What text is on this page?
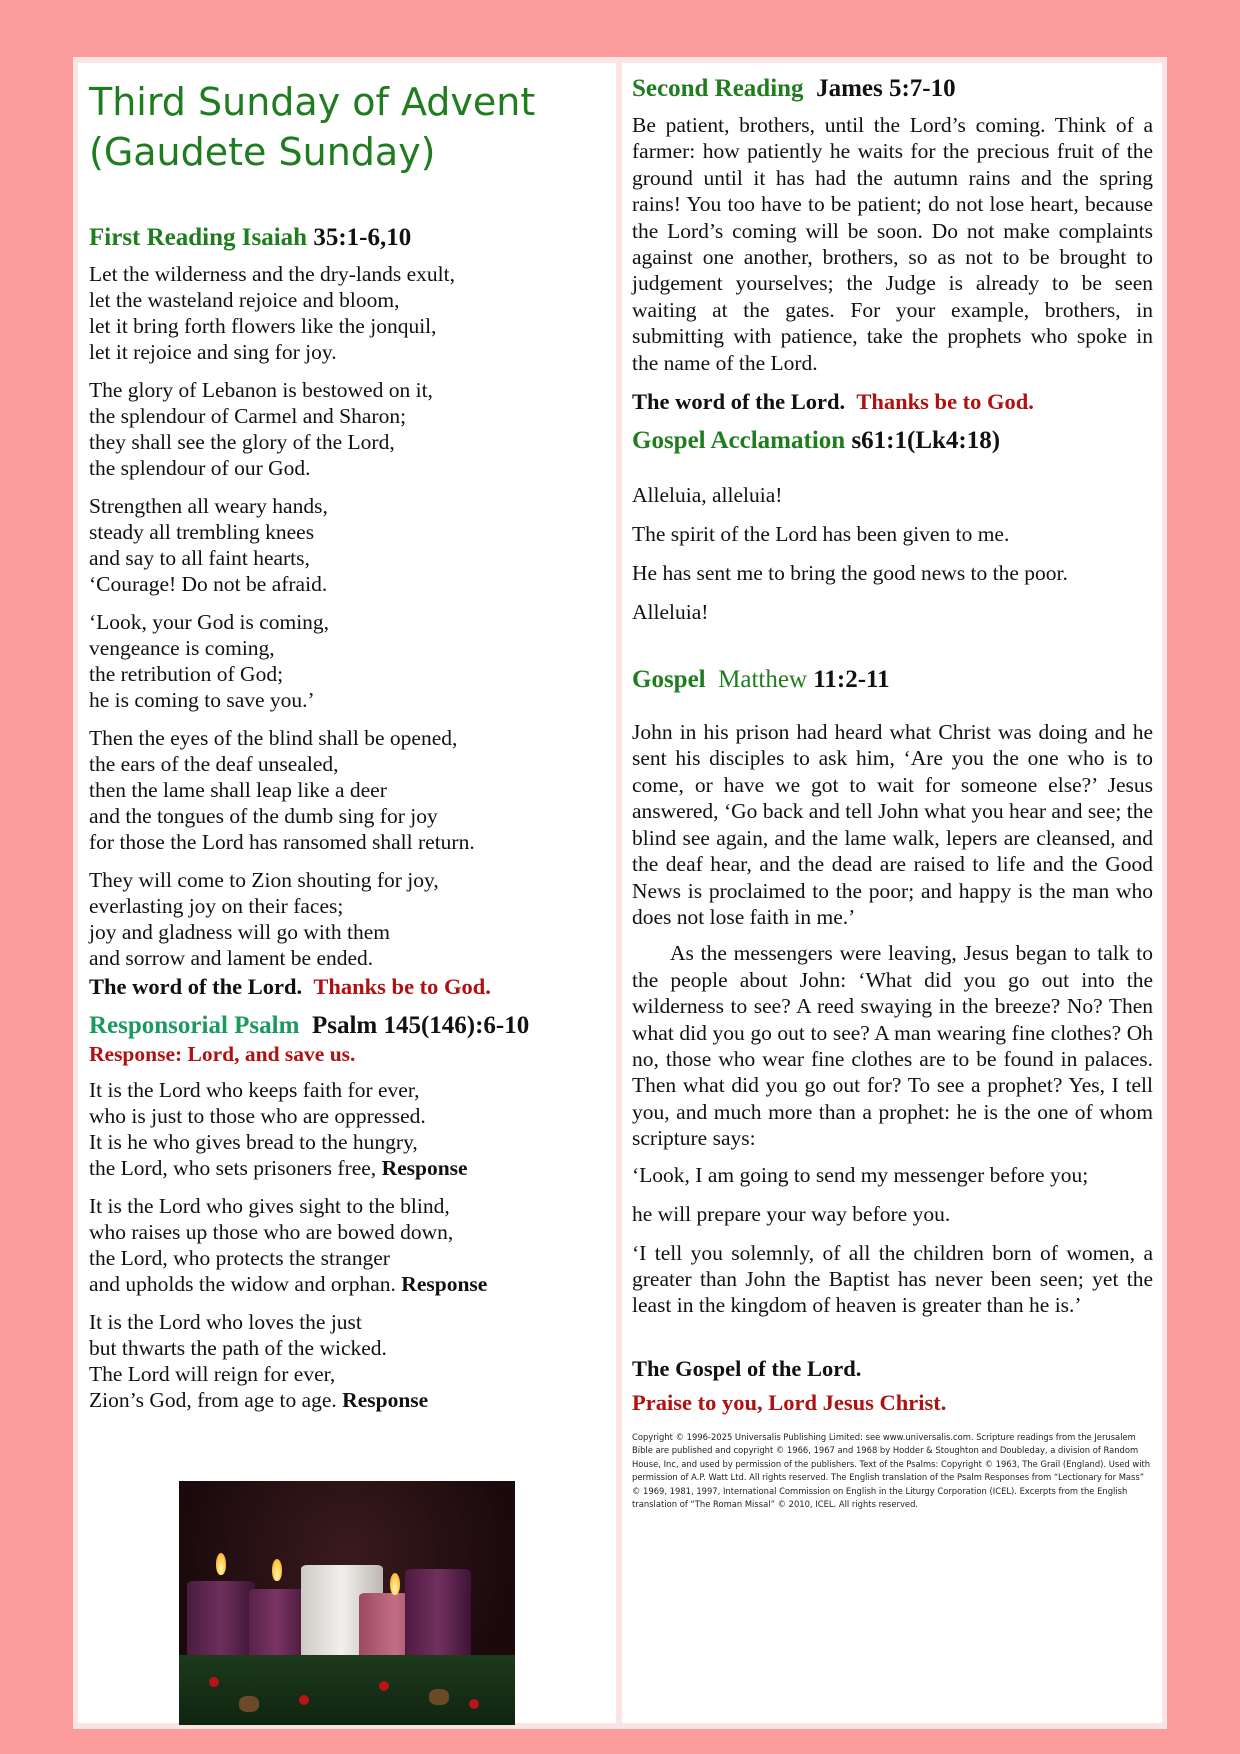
Third Sunday of Advent
(Gaudete Sunday)
First Reading Isaiah 35:1-6,10

Let the wilderness and the dry-lands exult,
let the wasteland rejoice and bloom,
let it bring forth flowers like the jonquil,
let it rejoice and sing for joy.

The glory of Lebanon is bestowed on it,
the splendour of Carmel and Sharon;
they shall see the glory of the Lord,
the splendour of our God.

Strengthen all weary hands,
steady all trembling knees
and say to all faint hearts,
‘Courage! Do not be afraid.

‘Look, your God is coming,
vengeance is coming,
the retribution of God;
he is coming to save you.’

Then the eyes of the blind shall be opened,
the ears of the deaf unsealed,
then the lame shall leap like a deer
and the tongues of the dumb sing for joy
for those the Lord has ransomed shall return.

They will come to Zion shouting for joy,
everlasting joy on their faces;
joy and gladness will go with them
and sorrow and lament be ended.

The word of the Lord. Thanks be to God.

Responsorial Psalm Psalm 145(146):6-10

Response: Lord, and save us.

It is the Lord who keeps faith for ever,
who is just to those who are oppressed.
It is he who gives bread to the hungry,
the Lord, who sets prisoners free, Response

It is the Lord who gives sight to the blind,
who raises up those who are bowed down,
the Lord, who protects the stranger
and upholds the widow and orphan. Response

It is the Lord who loves the just
but thwarts the path of the wicked.
The Lord will reign for ever,
Zion’s God, from age to age. Response

Second Reading James 5:7-10

Be patient, brothers, until the Lord’s coming. Think of a farmer: how patiently he waits for the precious fruit of the ground until it has had the autumn rains and the spring rains! You too have to be patient; do not lose heart, because the Lord’s coming will be soon. Do not make complaints against one another, brothers, so as not to be brought to judgement yourselves; the Judge is already to be seen waiting at the gates. For your example, brothers, in submitting with patience, take the prophets who spoke in the name of the Lord.

The word of the Lord. Thanks be to God.

Gospel Acclamation s61:1(Lk4:18)

Alleluia, alleluia!

The spirit of the Lord has been given to me.

He has sent me to bring the good news to the poor.

Alleluia!

Gospel Matthew 11:2-11

John in his prison had heard what Christ was doing and he sent his disciples to ask him, ‘Are you the one who is to come, or have we got to wait for someone else?’ Jesus answered, ‘Go back and tell John what you hear and see; the blind see again, and the lame walk, lepers are cleansed, and the deaf hear, and the dead are raised to life and the Good News is proclaimed to the poor; and happy is the man who does not lose faith in me.’

As the messengers were leaving, Jesus began to talk to the people about John: ‘What did you go out into the wilderness to see? A reed swaying in the breeze? No? Then what did you go out to see? A man wearing fine clothes? Oh no, those who wear fine clothes are to be found in palaces. Then what did you go out for? To see a prophet? Yes, I tell you, and much more than a prophet: he is the one of whom scripture says:

‘Look, I am going to send my messenger before you;

he will prepare your way before you.

‘I tell you solemnly, of all the children born of women, a greater than John the Baptist has never been seen; yet the least in the kingdom of heaven is greater than he is.’

The Gospel of the Lord.

Praise to you, Lord Jesus Christ.

Copyright © 1996-2025 Universalis Publishing Limited: see www.universalis.com. Scripture readings from the Jerusalem Bible are published and copyright © 1966, 1967 and 1968 by Hodder & Stoughton and Doubleday, a division of Random House, Inc, and used by permission of the publishers. Text of the Psalms: Copyright © 1963, The Grail (England). Used with permission of A.P. Watt Ltd. All rights reserved. The English translation of the Psalm Responses from “Lectionary for Mass” © 1969, 1981, 1997, International Commission on English in the Liturgy Corporation (ICEL). Excerpts from the English translation of “The Roman Missal” © 2010, ICEL. All rights reserved.
